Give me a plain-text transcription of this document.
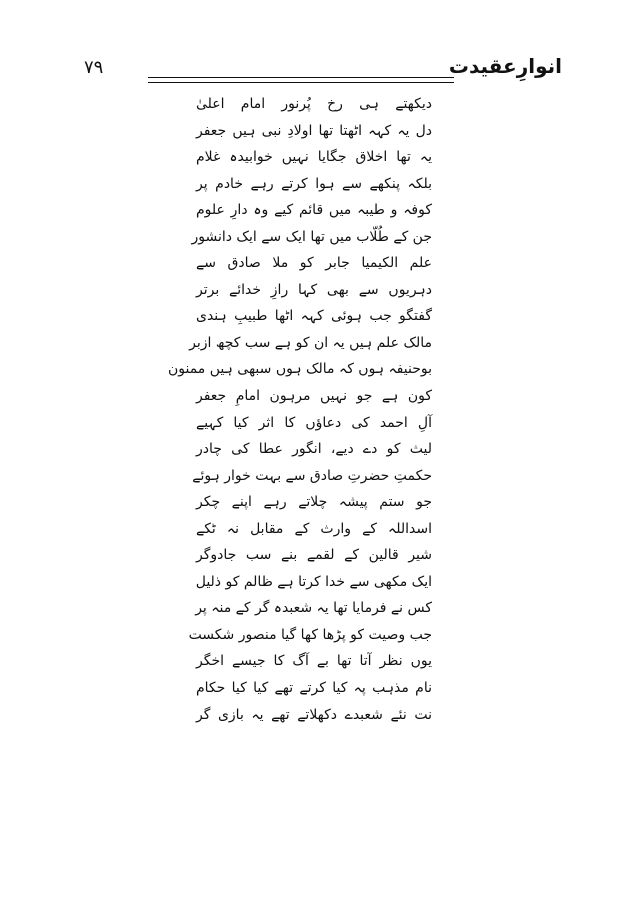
۷۹	انوارِعقیدت
دیکھتے ہی رخ پُرنور امام اعلیٰ
دل یہ کہہ اٹھتا تھا اولادِ نبی ہیں جعفر
یہ تھا اخلاق جگایا نہیں خوابیدہ غلام
بلکہ پنکھے سے ہوا کرتے رہے خادم پر
کوفہ و طیبہ میں قائم کیے وہ دارِ علوم
جن کے طُلّاب میں تھا ایک سے ایک دانشور
علم الکیمیا جابر کو ملا صادق سے
دہریوں سے بھی کہا رازِ خدائے برتر
گفتگو جب ہوئی کہہ اٹھا طبیبِ ہندی
مالک علم ہیں یہ ان کو ہے سب کچھ ازبر
بوحنیفہ ہوں کہ مالک ہوں سبھی ہیں ممنون
کون ہے جو نہیں مرہون امامِ جعفر
آلِ احمد کی دعاؤں کا اثر کیا کہیے
لیث کو دے دیے، انگور عطا کی چادر
حکمتِ حضرتِ صادق سے بہت خوار ہوئے
جو ستم پیشہ چلاتے رہے اپنے چکر
اسداللہ کے وارث کے مقابل نہ ٹکے
شیر قالین کے لقمے بنے سب جادوگر
ایک مکھی سے خدا کرتا ہے ظالم کو ذلیل
کس نے فرمایا تھا یہ شعبدہ گر کے منہ پر
جب وصیت کو پڑھا کھا گیا منصور شکست
یوں نظر آتا تھا بے آگ کا جیسے اخگر
نام مذہب پہ کیا کرتے تھے کیا کیا حکام
نت نئے شعبدے دکھلاتے تھے یہ بازی گر
